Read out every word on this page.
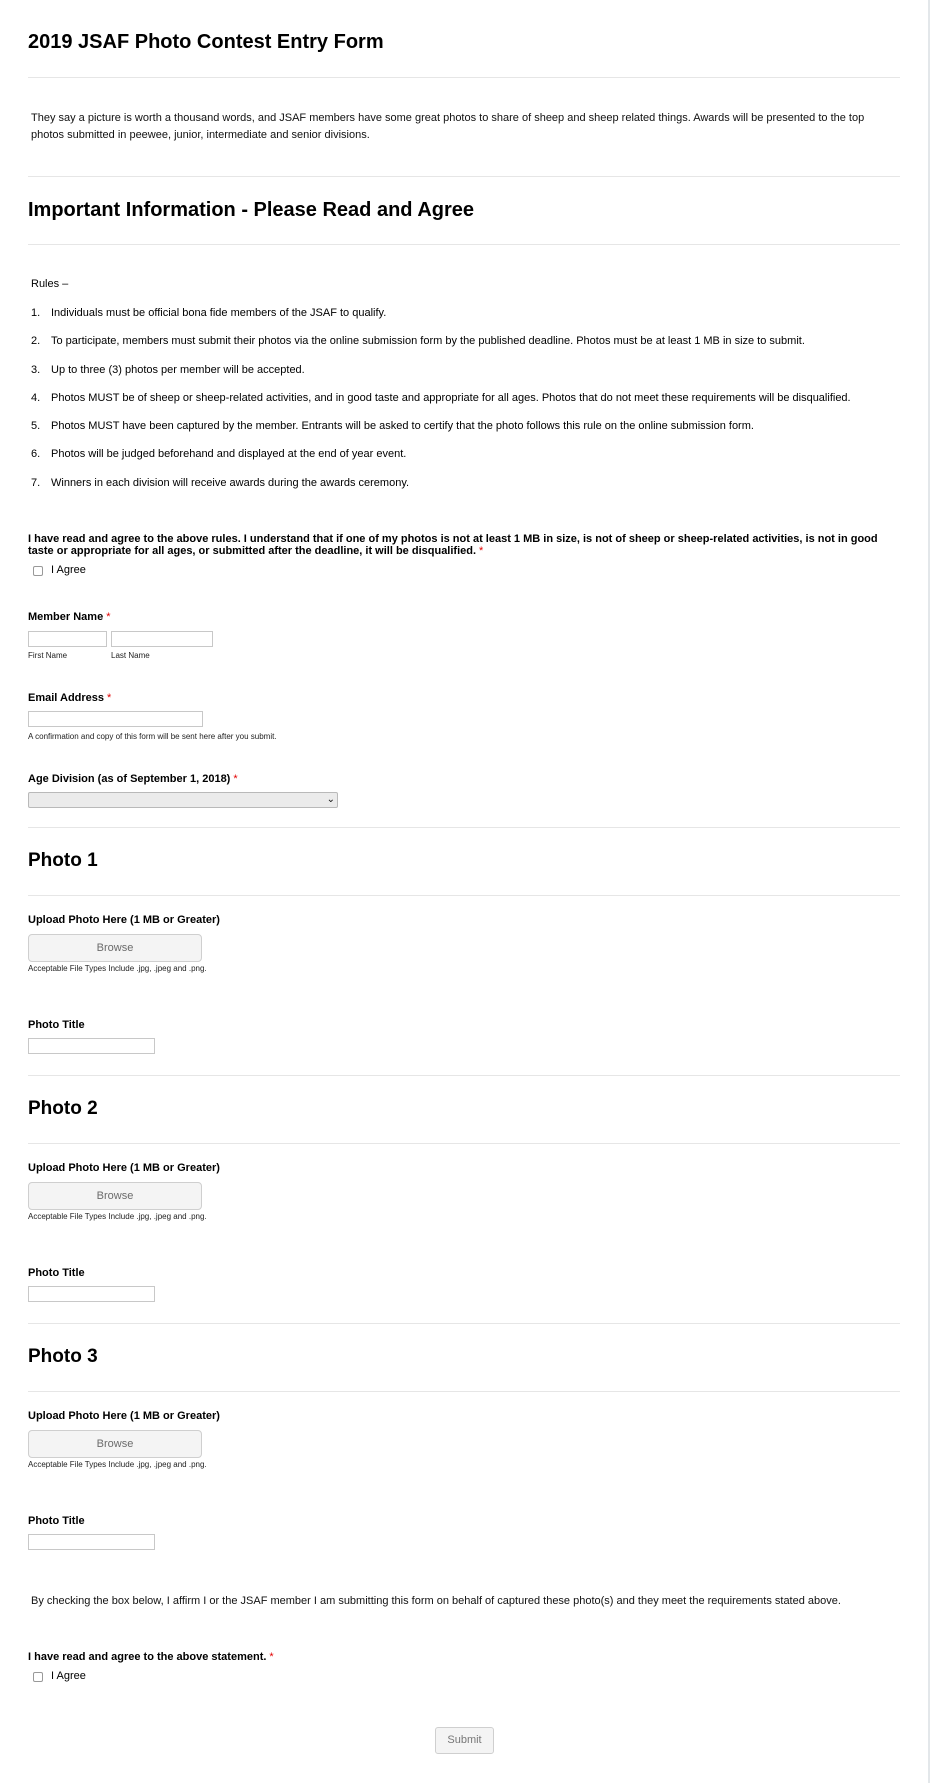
2019 JSAF Photo Contest Entry Form
They say a picture is worth a thousand words, and JSAF members have some great photos to share of sheep and sheep related things. Awards will be presented to the top photos submitted in peewee, junior, intermediate and senior divisions.
Important Information - Please Read and Agree
Rules –
1. Individuals must be official bona fide members of the JSAF to qualify.
2. To participate, members must submit their photos via the online submission form by the published deadline. Photos must be at least 1 MB in size to submit.
3. Up to three (3) photos per member will be accepted.
4. Photos MUST be of sheep or sheep-related activities, and in good taste and appropriate for all ages. Photos that do not meet these requirements will be disqualified.
5. Photos MUST have been captured by the member. Entrants will be asked to certify that the photo follows this rule on the online submission form.
6. Photos will be judged beforehand and displayed at the end of year event.
7. Winners in each division will receive awards during the awards ceremony.
I have read and agree to the above rules. I understand that if one of my photos is not at least 1 MB in size, is not of sheep or sheep-related activities, is not in good taste or appropriate for all ages, or submitted after the deadline, it will be disqualified. *
I Agree
Member Name *
First Name	Last Name
Email Address *
A confirmation and copy of this form will be sent here after you submit.
Age Division (as of September 1, 2018) *
⌄
Photo 1
Upload Photo Here (1 MB or Greater)
Browse
Acceptable File Types Include .jpg, .jpeg and .png.
Photo Title
Photo 2
Upload Photo Here (1 MB or Greater)
Browse
Acceptable File Types Include .jpg, .jpeg and .png.
Photo Title
Photo 3
Upload Photo Here (1 MB or Greater)
Browse
Acceptable File Types Include .jpg, .jpeg and .png.
Photo Title
By checking the box below, I affirm I or the JSAF member I am submitting this form on behalf of captured these photo(s) and they meet the requirements stated above.
I have read and agree to the above statement. *
I Agree
Submit
